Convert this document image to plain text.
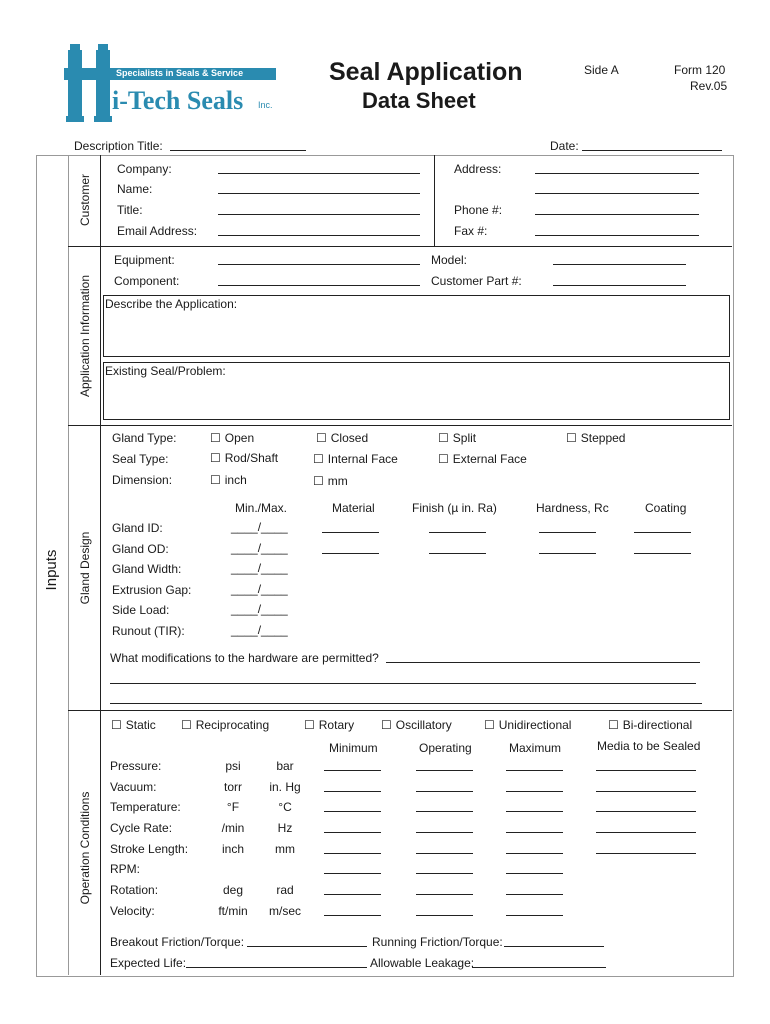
Specialists in Seals & Service
i-Tech Seals Inc.
Seal Application
Data Sheet
Side A	Form 120
Rev.05
Description Title:	Date:
Inputs
Customer
Application Information
Gland Design
Operation Conditions
Company:
Name:
Title:
Email Address:
Address:
Phone #:
Fax #:
Equipment:
Component:
Model:
Customer Part #:
Describe the Application:
Existing Seal/Problem:
Gland Type:	☐ Open	☐ Closed	☐ Split	☐ Stepped
Seal Type:	☐ Rod/Shaft	☐ Internal Face	☐ External Face
Dimension:	☐ inch	☐ mm
Min./Max.	Material	Finish (µ in. Ra)	Hardness, Rc	Coating
Gland ID:	____/____
Gland OD:	____/____
Gland Width:	____/____
Extrusion Gap:	____/____
Side Load:	____/____
Runout (TIR):	____/____
What modifications to the hardware are permitted?
☐ Static	☐ Reciprocating	☐ Rotary	☐ Oscillatory	☐ Unidirectional	☐ Bi-directional
Minimum	Operating	Maximum	Media to be Sealed
Pressure:	psi	bar
Vacuum:	torr	in. Hg
Temperature:	°F	°C
Cycle Rate:	/min	Hz
Stroke Length:	inch	mm
RPM:
Rotation:	deg	rad
Velocity:	ft/min	m/sec
Breakout Friction/Torque:	Running Friction/Torque:
Expected Life:	Allowable Leakage:
